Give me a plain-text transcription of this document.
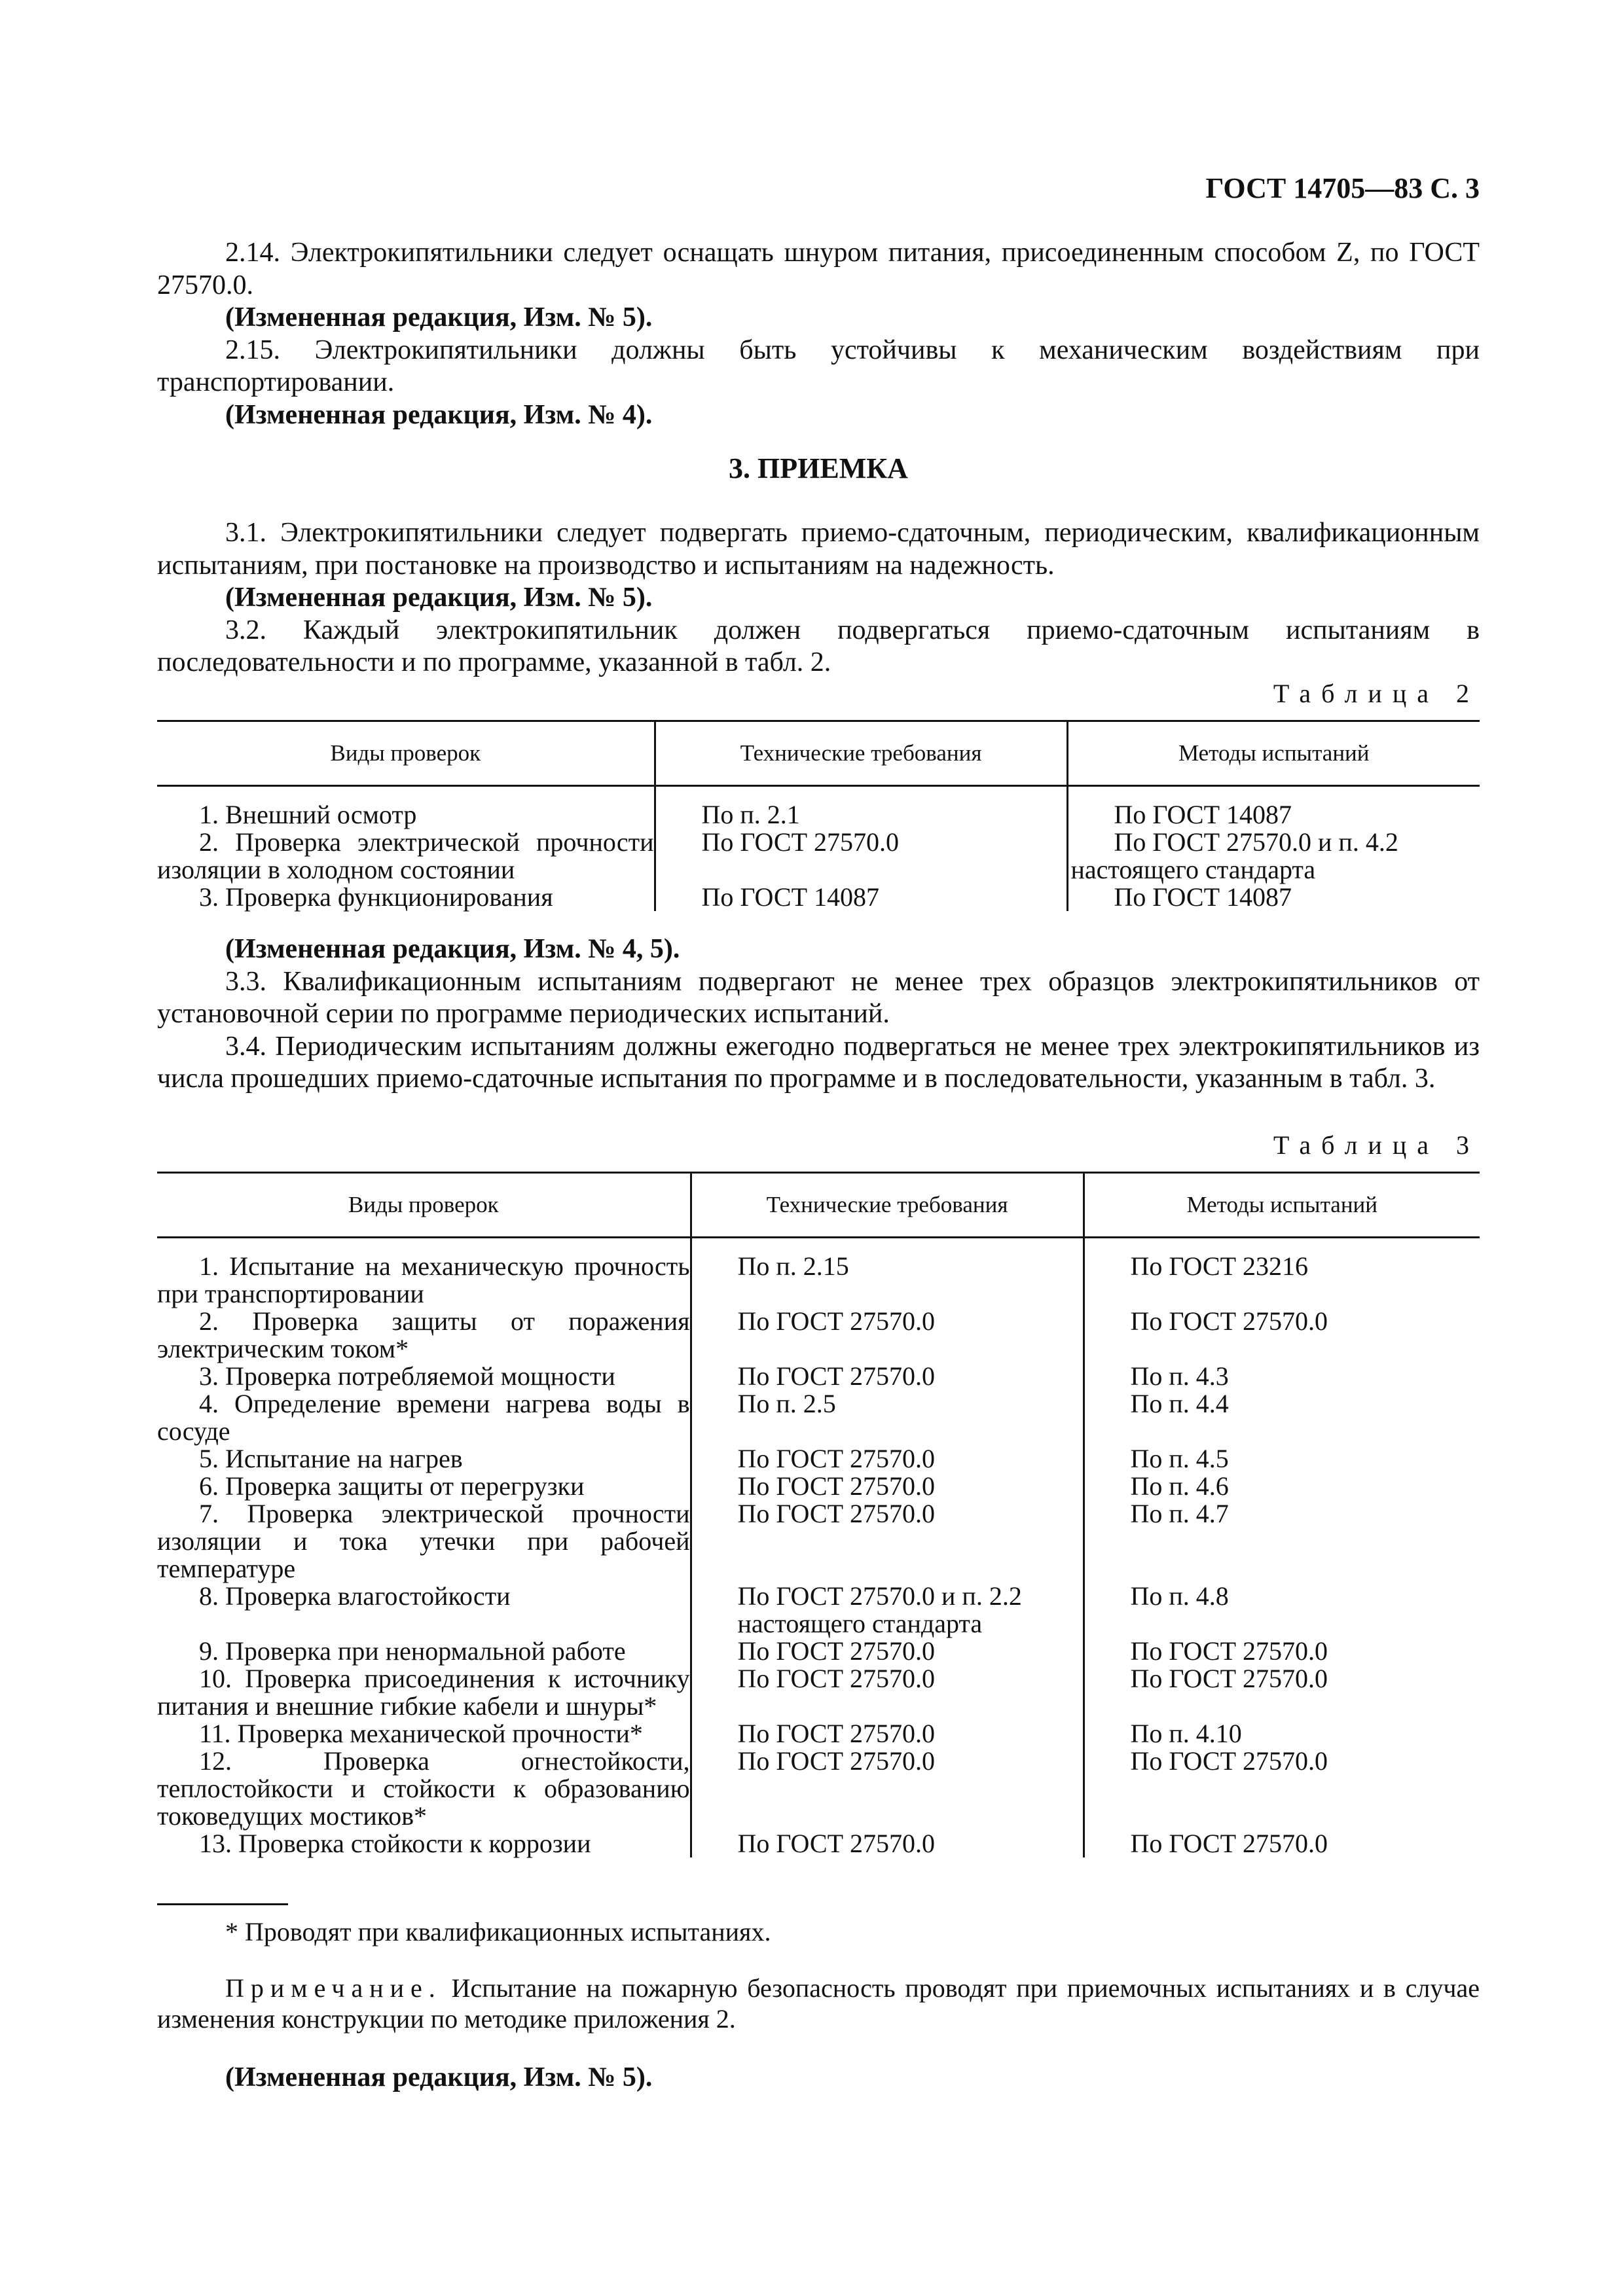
ГОСТ 14705—83 С. 3

2.14. Электрокипятильники следует оснащать шнуром питания, присоединенным способом Z, по ГОСТ 27570.0.

(Измененная редакция, Изм. № 5).

2.15. Электрокипятильники должны быть устойчивы к механическим воздействиям при транспортировании.

(Измененная редакция, Изм. № 4).

3. ПРИЕМКА

3.1. Электрокипятильники следует подвергать приемо-сдаточным, периодическим, квалификационным испытаниям, при постановке на производство и испытаниям на надежность.

(Измененная редакция, Изм. № 5).

3.2. Каждый электрокипятильник должен подвергаться приемо-сдаточным испытаниям в последовательности и по программе, указанной в табл. 2.

Таблица 2
Виды проверок	Технические требования	Методы испытаний

1. Внешний осмотр	По п. 2.1	По ГОСТ 14087
2. Проверка электрической прочности изоляции в холодном состоянии	По ГОСТ 27570.0	По ГОСТ 27570.0 и п. 4.2 настоящего стандарта
3. Проверка функционирования	По ГОСТ 14087	По ГОСТ 14087

(Измененная редакция, Изм. № 4, 5).

3.3. Квалификационным испытаниям подвергают не менее трех образцов электрокипятильников от установочной серии по программе периодических испытаний.

3.4. Периодическим испытаниям должны ежегодно подвергаться не менее трех электрокипятильников из числа прошедших приемо-сдаточные испытания по программе и в последовательности, указанным в табл. 3.

Таблица 3
Виды проверок	Технические требования	Методы испытаний

1. Испытание на механическую прочность при транспортировании	По п. 2.15	По ГОСТ 23216
2. Проверка защиты от поражения электрическим током*	По ГОСТ 27570.0	По ГОСТ 27570.0
3. Проверка потребляемой мощности	По ГОСТ 27570.0	По п. 4.3
4. Определение времени нагрева воды в сосуде	По п. 2.5	По п. 4.4
5. Испытание на нагрев	По ГОСТ 27570.0	По п. 4.5
6. Проверка защиты от перегрузки	По ГОСТ 27570.0	По п. 4.6
7. Проверка электрической прочности изоляции и тока утечки при рабочей температуре	По ГОСТ 27570.0	По п. 4.7
8. Проверка влагостойкости	По ГОСТ 27570.0 и п. 2.2 настоящего стандарта	По п. 4.8
9. Проверка при ненормальной работе	По ГОСТ 27570.0	По ГОСТ 27570.0
10. Проверка присоединения к источнику питания и внешние гибкие кабели и шнуры*	По ГОСТ 27570.0	По ГОСТ 27570.0
11. Проверка механической прочности*	По ГОСТ 27570.0	По п. 4.10
12. Проверка огнестойкости, теплостойкости и стойкости к образованию токоведущих мостиков*	По ГОСТ 27570.0	По ГОСТ 27570.0
13. Проверка стойкости к коррозии	По ГОСТ 27570.0	По ГОСТ 27570.0
* Проводят при квалификационных испытаниях.
Примечание. Испытание на пожарную безопасность проводят при приемочных испытаниях и в случае изменения конструкции по методике приложения 2.

(Измененная редакция, Изм. № 5).
